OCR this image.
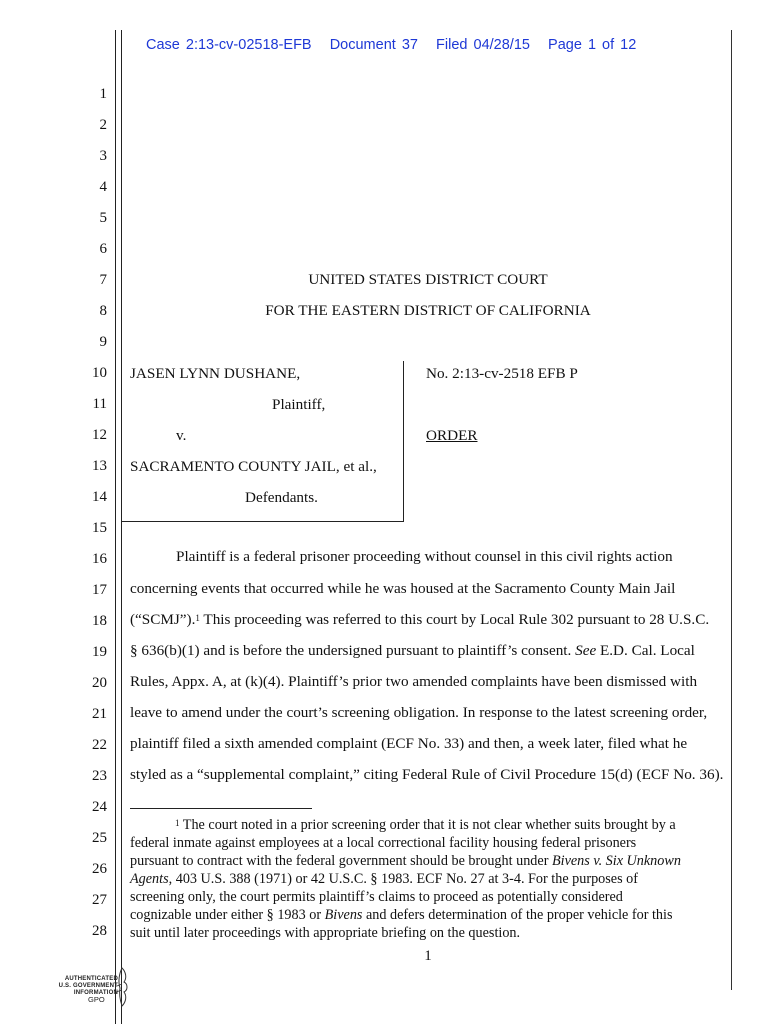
Case 2:13-cv-02518-EFB Document 37 Filed 04/28/15 Page 1 of 12
1
2
3
4
5
6
7
8
9
10
11
12
13
14
15
16
17
18
19
20
21
22
23
24
25
26
27
28
UNITED STATES DISTRICT COURT
FOR THE EASTERN DISTRICT OF CALIFORNIA
JASEN LYNN DUSHANE,
Plaintiff,
v.
SACRAMENTO COUNTY JAIL, et al.,
Defendants.
No. 2:13-cv-2518 EFB P
ORDER
Plaintiff is a federal prisoner proceeding without counsel in this civil rights action
concerning events that occurred while he was housed at the Sacramento County Main Jail
(“SCMJ”).$^1$ This proceeding was referred to this court by Local Rule 302 pursuant to 28 U.S.C.
§ 636(b)(1) and is before the undersigned pursuant to plaintiff’s consent. See E.D. Cal. Local
Rules, Appx. A, at (k)(4). Plaintiff’s prior two amended complaints have been dismissed with
leave to amend under the court’s screening obligation. In response to the latest screening order,
plaintiff filed a sixth amended complaint (ECF No. 33) and then, a week later, filed what he
styled as a “supplemental complaint,” citing Federal Rule of Civil Procedure 15(d) (ECF No. 36).
$^1$ The court noted in a prior screening order that it is not clear whether suits brought by a
federal inmate against employees at a local correctional facility housing federal prisoners
pursuant to contract with the federal government should be brought under Bivens v. Six Unknown
Agents, 403 U.S. 388 (1971) or 42 U.S.C. § 1983. ECF No. 27 at 3-4. For the purposes of
screening only, the court permits plaintiff’s claims to proceed as potentially considered
cognizable under either § 1983 or Bivens and defers determination of the proper vehicle for this
suit until later proceedings with appropriate briefing on the question.
1
AUTHENTICATED
U.S. GOVERNMENT
INFORMATION
GPO
